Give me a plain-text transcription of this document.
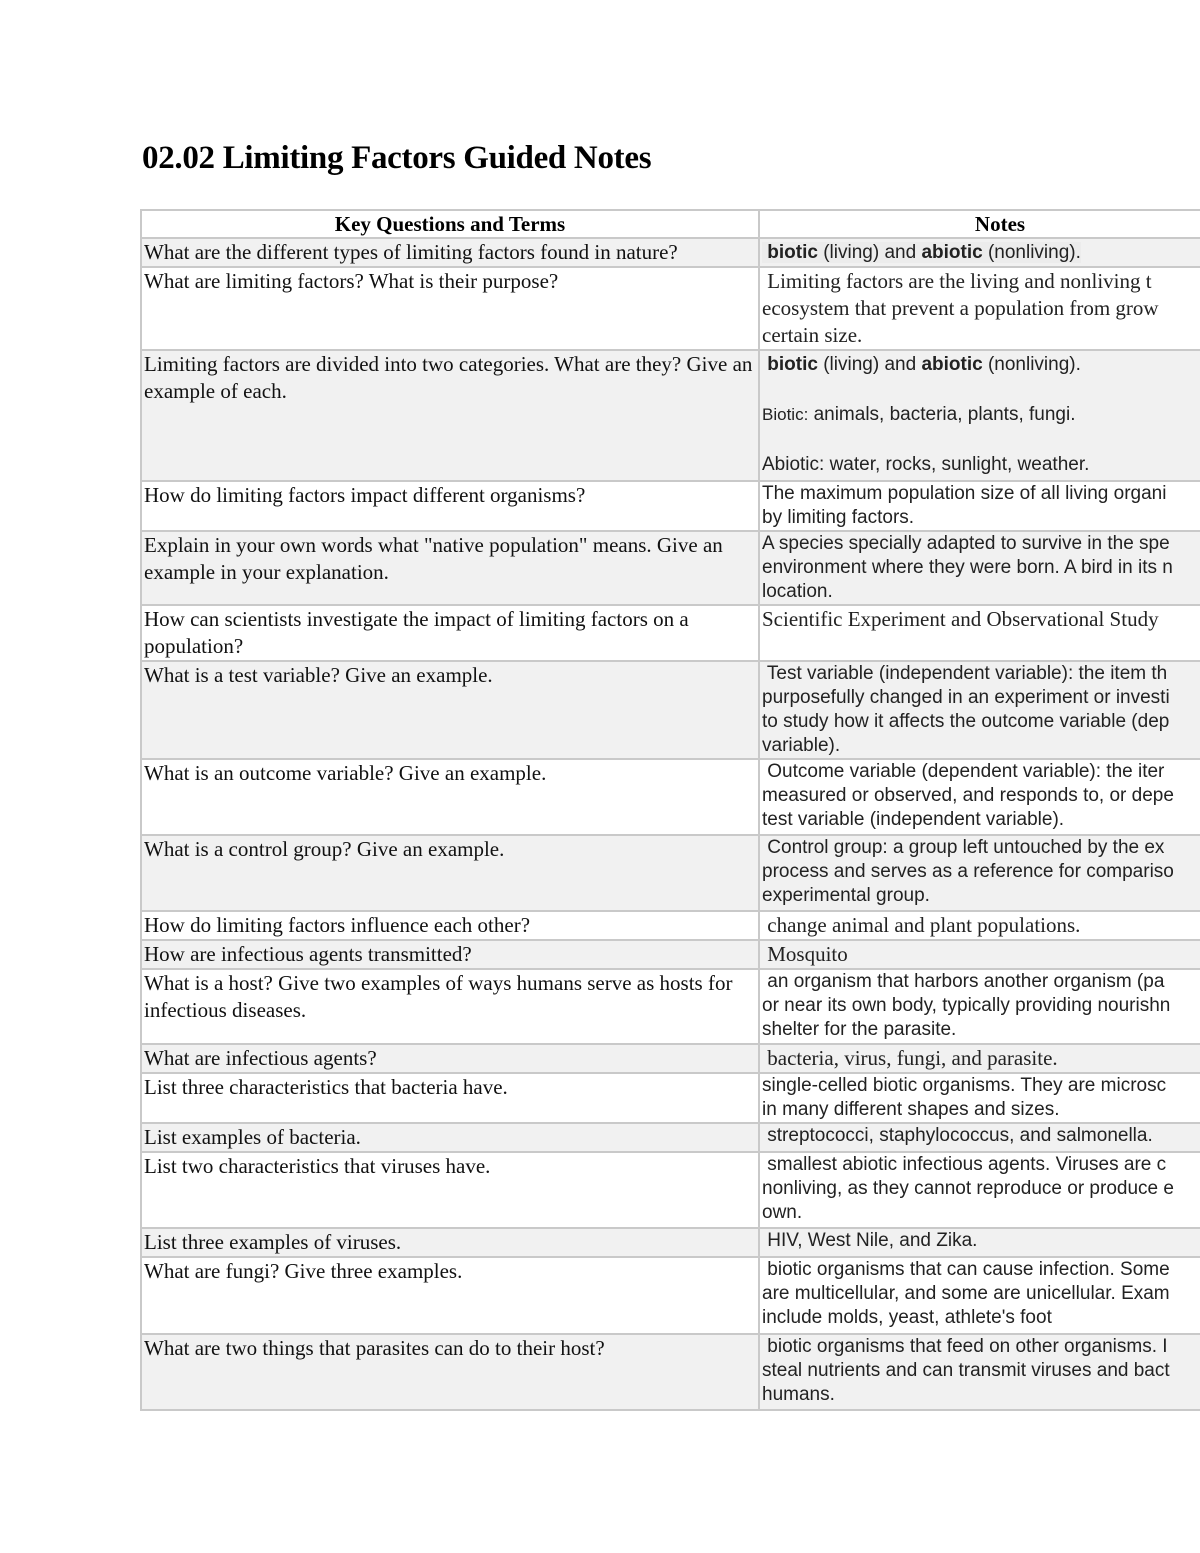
02.02 Limiting Factors Guided Notes
Key Questions and Terms	Notes
What are the different types of limiting factors found in nature?	biotic (living) and abiotic (nonliving).
What are limiting factors? What is their purpose?	Limiting factors are the living and nonliving t
ecosystem that prevent a population from grow
certain size.

Limiting factors are divided into two categories. What are they? Give an example of each.	biotic (living) and abiotic (nonliving).
Biotic: animals, bacteria, plants, fungi.
Abiotic: water, rocks, sunlight, weather.

How do limiting factors impact different organisms?	The maximum population size of all living organi
by limiting factors.

Explain in your own words what "native population" means. Give an example in your explanation.	A species specially adapted to survive in the spe
environment where they were born. A bird in its n
location.

How can scientists investigate the impact of limiting factors on a population?	Scientific Experiment and Observational Study

What is a test variable? Give an example.	Test variable (independent variable): the item th
purposefully changed in an experiment or investi
to study how it affects the outcome variable (dep
variable).

What is an outcome variable? Give an example.	Outcome variable (dependent variable): the iter
measured or observed, and responds to, or depe
test variable (independent variable).

What is a control group? Give an example.	Control group: a group left untouched by the ex
process and serves as a reference for compariso
experimental group.

How do limiting factors influence each other?	change animal and plant populations.

How are infectious agents transmitted?	Mosquito

What is a host? Give two examples of ways humans serve as hosts for infectious diseases.	an organism that harbors another organism (pa
or near its own body, typically providing nourishn
shelter for the parasite.

What are infectious agents?	bacteria, virus, fungi, and parasite.

List three characteristics that bacteria have.	single-celled biotic organisms. They are microsc
in many different shapes and sizes.

List examples of bacteria.	streptococci, staphylococcus, and salmonella.

List two characteristics that viruses have.	smallest abiotic infectious agents. Viruses are c
nonliving, as they cannot reproduce or produce e
own.

List three examples of viruses.	HIV, West Nile, and Zika.

What are fungi? Give three examples.	biotic organisms that can cause infection. Some
are multicellular, and some are unicellular. Exam
include molds, yeast, athlete's foot

What are two things that parasites can do to their host?	biotic organisms that feed on other organisms. I
steal nutrients and can transmit viruses and bact
humans.
